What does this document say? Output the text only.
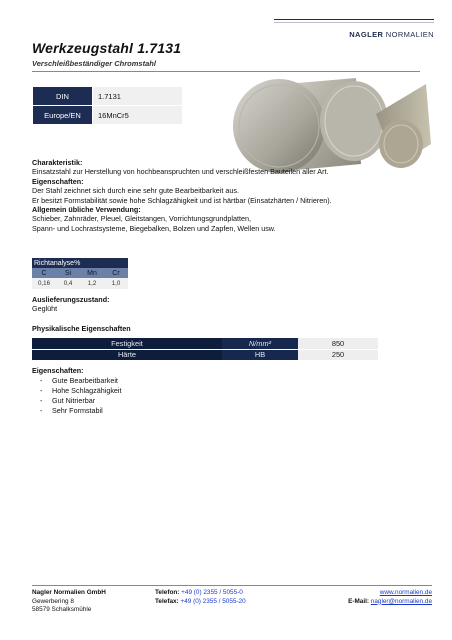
NAGLER NORMALIEN
Werkzeugstahl 1.7131
Verschleißbeständiger Chromstahl
DIN	1.7131
Europe/EN	16MnCr5
Charakteristik:
Einsatzstahl zur Herstellung von hochbeanspruchten und verschleißfesten Bauteilen aller Art.
Eigenschaften:
Der Stahl zeichnet sich durch eine sehr gute Bearbeitbarkeit aus.
Er besitzt Formstabilität sowie hohe Schlagzähigkeit und ist härtbar (Einsatzhärten / Nitrieren).
Allgemein übliche Verwendung:
Schieber, Zahnräder, Pleuel, Gleitstangen, Vorrichtungsgrundplatten,
Spann- und Lochrastsysteme, Biegebalken, Bolzen und Zapfen, Wellen usw.
Richtanalyse%			
C	Si	Mn	Cr
0,16	0,4	1,2	1,0
Auslieferungszustand:
Geglüht
Physikalische Eigenschaften
Festigkeit	N/mm²	850
Härte	HB	250
Eigenschaften:
- Gute Bearbeitbarkeit
- Hohe Schlagzähigkeit
- Gut Nitrierbar
- Sehr Formstabil
Nagler Normalien GmbH
Gewerbering 8
58579 Schalksmühle
Telefon: +49 (0) 2355 / 5055-0
Telefax: +49 (0) 2355 / 5055-20
www.normalien.de
E-Mail: nagler@normalien.de
